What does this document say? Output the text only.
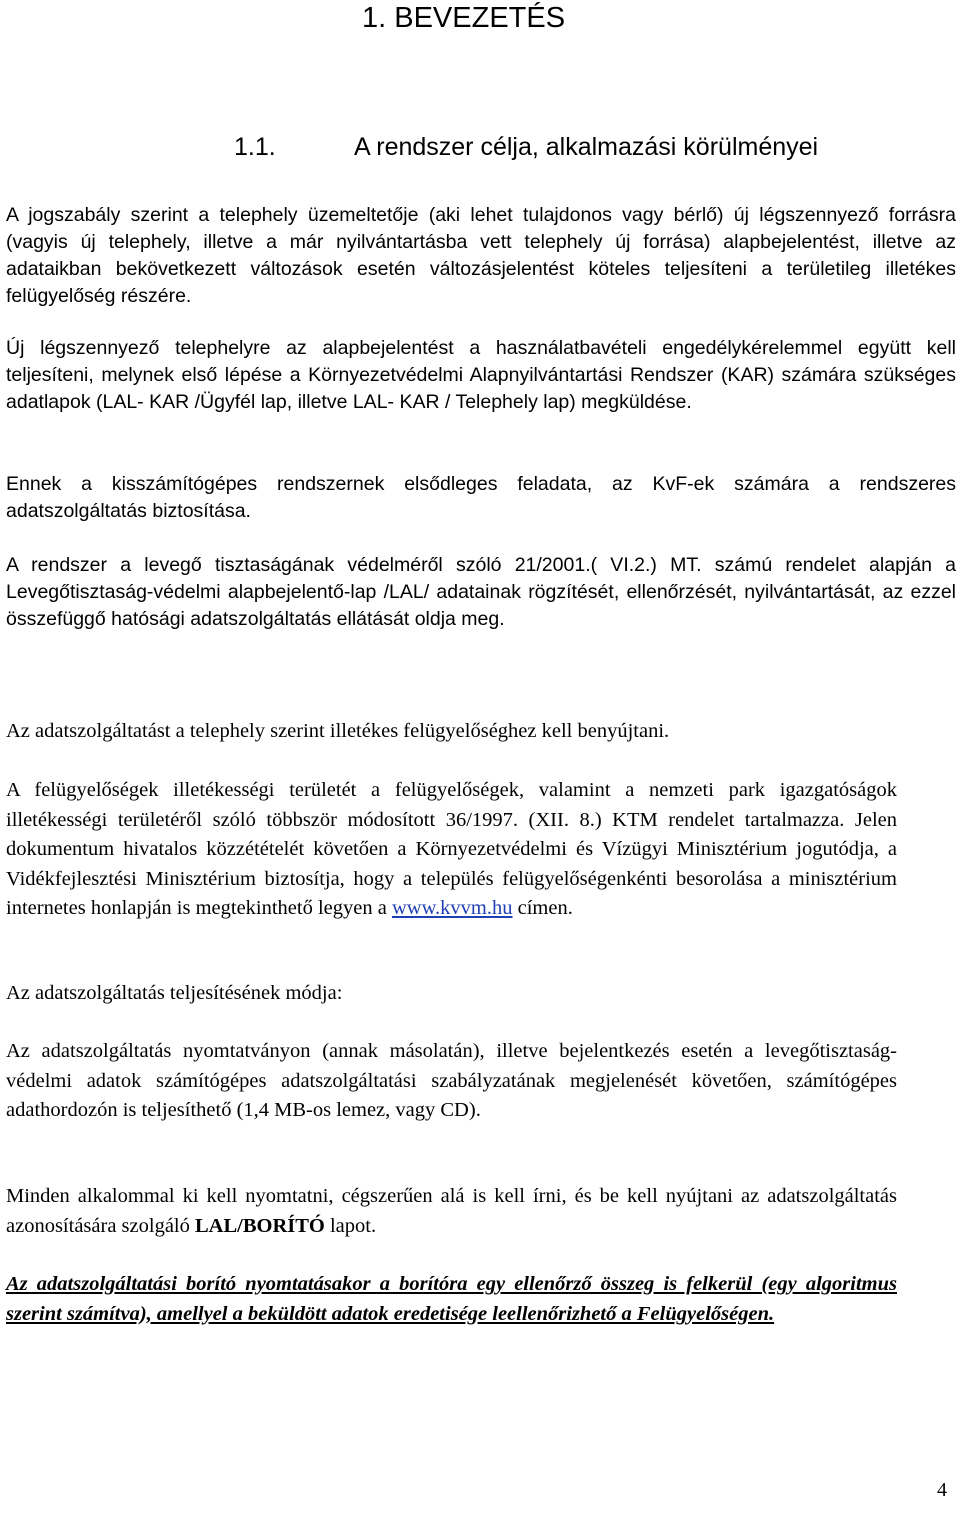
1. BEVEZETÉS
1.1.	A rendszer célja, alkalmazási körülményei

A jogszabály szerint a telephely üzemeltetője (aki lehet tulajdonos vagy bérlő) új légszennyező forrásra (vagyis új telephely, illetve a már nyilvántartásba vett telephely új forrása) alapbejelentést, illetve az adataikban bekövetkezett változások esetén változásjelentést köteles teljesíteni a területileg illetékes felügyelőség részére.

Új légszennyező telephelyre az alapbejelentést a használatbavételi engedélykérelemmel együtt kell teljesíteni, melynek első lépése a Környezetvédelmi Alapnyilvántartási Rendszer (KAR) számára szükséges adatlapok (LAL- KAR /Ügyfél lap, illetve LAL- KAR / Telephely lap) megküldése.

Ennek a kisszámítógépes rendszernek elsődleges feladata, az KvF-ek számára a rendszeres adatszolgáltatás biztosítása.

A rendszer a levegő tisztaságának védelméről szóló 21/2001.( VI.2.) MT. számú rendelet alapján a Levegőtisztaság-védelmi alapbejelentő-lap /LAL/ adatainak rögzítését, ellenőrzését, nyilvántartását, az ezzel összefüggő hatósági adatszolgáltatás ellátását oldja meg.

Az adatszolgáltatást a telephely szerint illetékes felügyelőséghez kell benyújtani.

A felügyelőségek illetékességi területét a felügyelőségek, valamint a nemzeti park igazgatóságok illetékességi területéről szóló többször módosított 36/1997. (XII. 8.) KTM rendelet tartalmazza. Jelen dokumentum hivatalos közzétételét követően a Környezetvédelmi és Vízügyi Minisztérium jogutódja, a Vidékfejlesztési Minisztérium biztosítja, hogy a település felügyelőségenkénti besorolása a minisztérium internetes honlapján is megtekinthető legyen a www.kvvm.hu címen.

Az adatszolgáltatás teljesítésének módja:

Az adatszolgáltatás nyomtatványon (annak másolatán), illetve bejelentkezés esetén a levegőtisztaság-védelmi adatok számítógépes adatszolgáltatási szabályzatának megjelenését követően, számítógépes adathordozón is teljesíthető (1,4 MB-os lemez, vagy CD).

Minden alkalommal ki kell nyomtatni, cégszerűen alá is kell írni, és be kell nyújtani az adatszolgáltatás azonosítására szolgáló LAL/BORÍTÓ lapot.

Az adatszolgáltatási borító nyomtatásakor a borítóra egy ellenőrző összeg is felkerül (egy algoritmus szerint számítva), amellyel a beküldött adatok eredetisége leellenőrizhető a Felügyelőségen.

4
